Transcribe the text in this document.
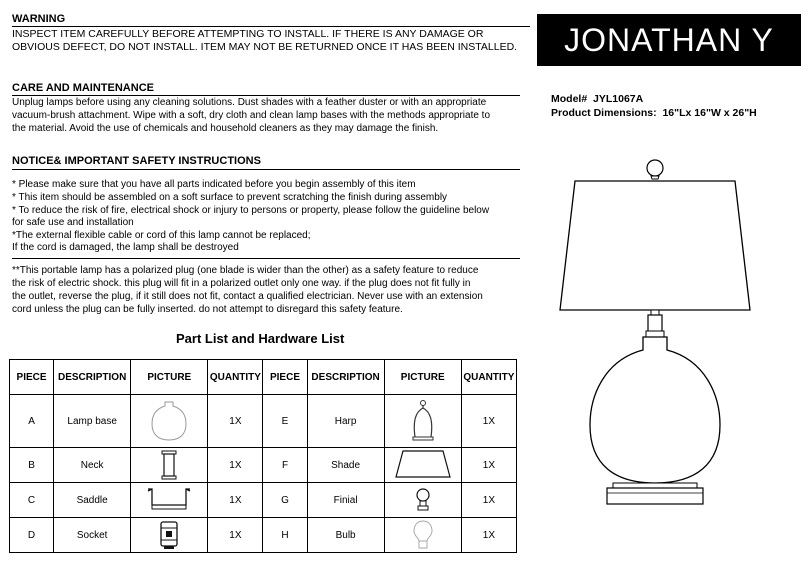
WARNING
INSPECT ITEM CAREFULLY BEFORE ATTEMPTING TO INSTALL. IF THERE IS ANY DAMAGE OR
OBVIOUS DEFECT, DO NOT INSTALL. ITEM MAY NOT BE RETURNED ONCE IT HAS BEEN INSTALLED.	JONATHAN Y
CARE AND MAINTENANCE
Unplug lamps before using any cleaning solutions. Dust shades with a feather duster or with an appropriate
vacuum-brush attachment. Wipe with a soft, dry cloth and clean lamp bases with the methods appropriate to
the material. Avoid the use of chemicals and household cleaners as they may damage the finish.
Model# JYL1067A
Product Dimensions: 16"Lx 16"W x 26"H
NOTICE& IMPORTANT SAFETY INSTRUCTIONS
* Please make sure that you have all parts indicated before you begin assembly of this item
* This item should be assembled on a soft surface to prevent scratching the finish during assembly
* To reduce the risk of fire, electrical shock or injury to persons or property, please follow the guideline below
for safe use and installation
*The external flexible cable or cord of this lamp cannot be replaced;
If the cord is damaged, the lamp shall be destroyed
**This portable lamp has a polarized plug (one blade is wider than the other) as a safety feature to reduce
the risk of electric shock. this plug will fit in a polarized outlet only one way. if the plug does not fit fully in
the outlet, reverse the plug, if it still does not fit, contact a qualified electrician. Never use with an extension
cord unless the plug can be fully inserted. do not attempt to disregard this safety feature.
Part List and Hardware List
PIECE	DESCRIPTION	PICTURE	QUANTITY	PIECE	DESCRIPTION	PICTURE	QUANTITY
A	Lamp base		1X	E	Harp		1X
B	Neck		1X	F	Shade		1X
C	Saddle		1X	G	Finial		1X
D	Socket		1X	H	Bulb		1X
